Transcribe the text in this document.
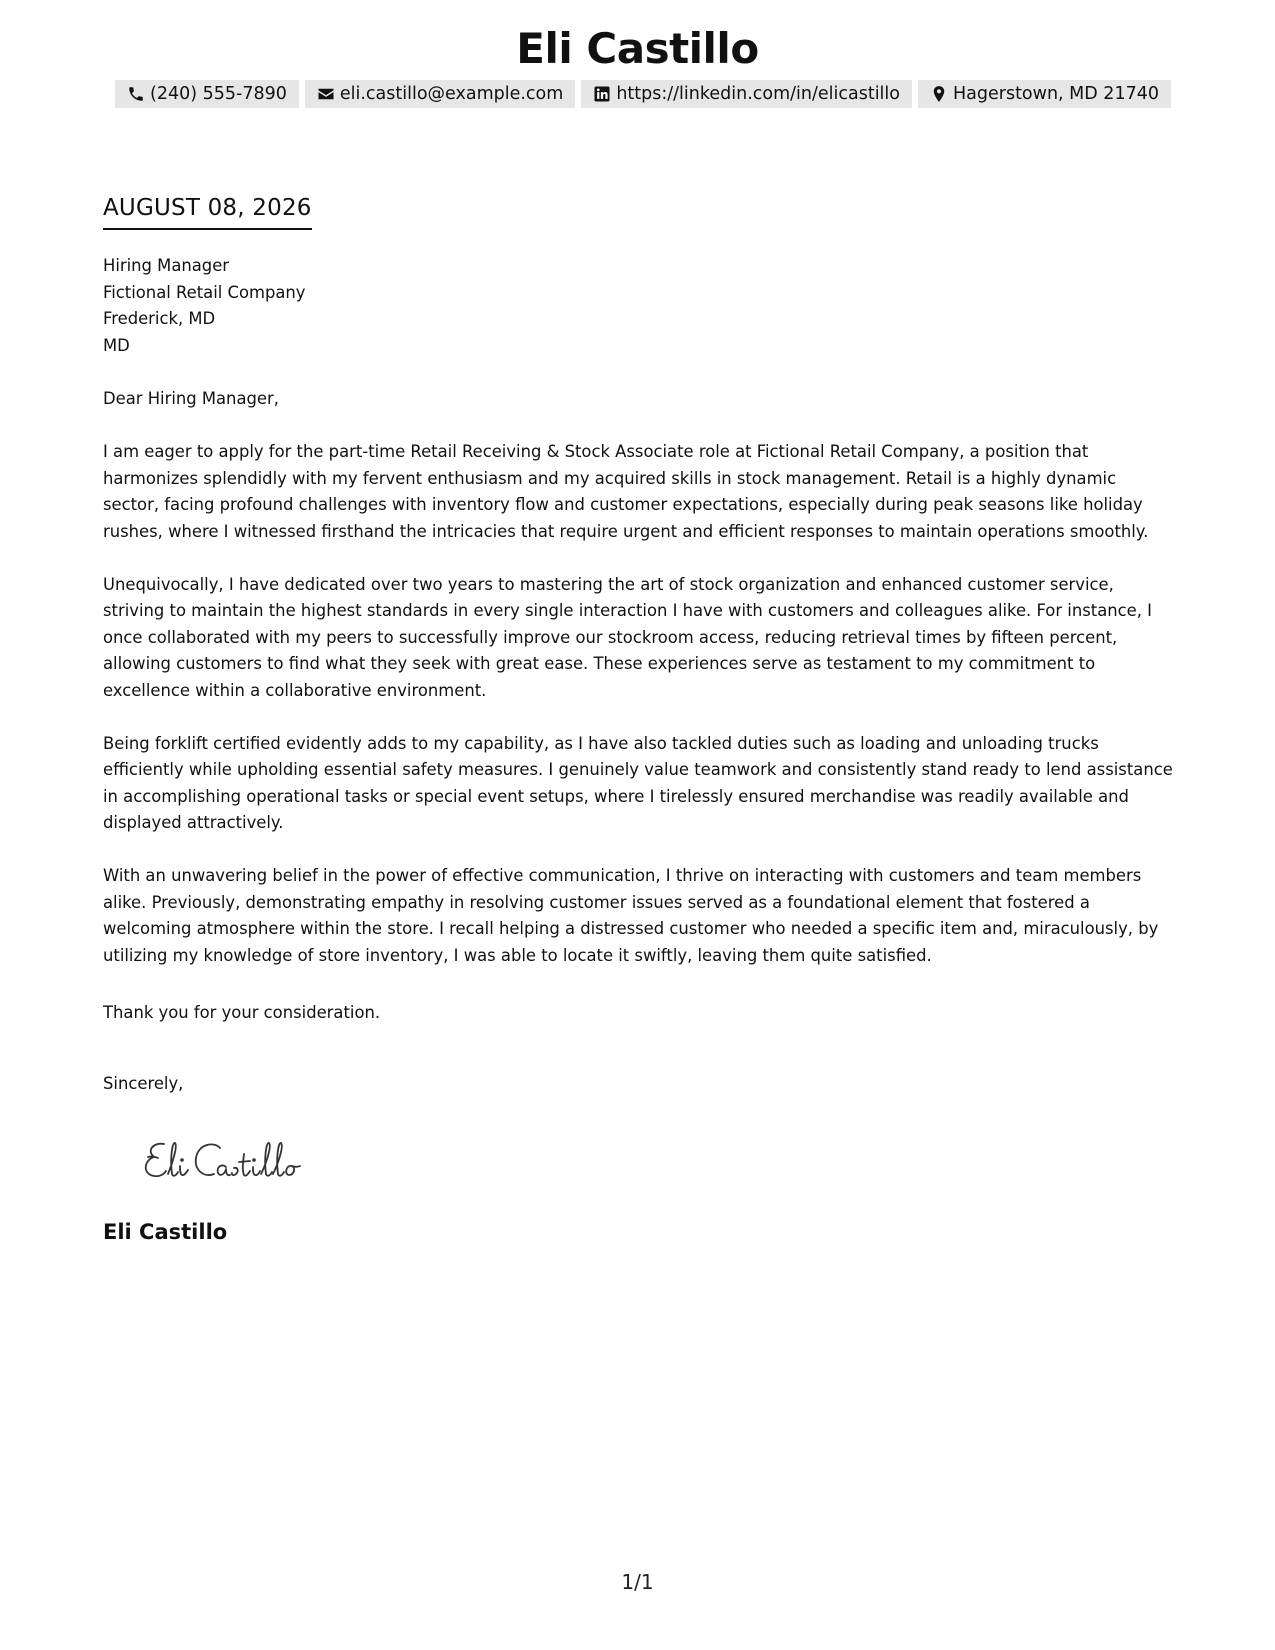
Eli Castillo
(240) 555-7890	eli.castillo@example.com	https://linkedin.com/in/elicastillo	Hagerstown, MD 21740
AUGUST 08, 2026
Hiring Manager
Fictional Retail Company
Frederick, MD
MD
Dear Hiring Manager,

I am eager to apply for the part-time Retail Receiving & Stock Associate role at Fictional Retail Company, a position that harmonizes splendidly with my fervent enthusiasm and my acquired skills in stock management. Retail is a highly dynamic sector, facing profound challenges with inventory flow and customer expectations, especially during peak seasons like holiday rushes, where I witnessed firsthand the intricacies that require urgent and efficient responses to maintain operations smoothly.

Unequivocally, I have dedicated over two years to mastering the art of stock organization and enhanced customer service, striving to maintain the highest standards in every single interaction I have with customers and colleagues alike. For instance, I once collaborated with my peers to successfully improve our stockroom access, reducing retrieval times by fifteen percent, allowing customers to find what they seek with great ease. These experiences serve as testament to my commitment to excellence within a collaborative environment.

Being forklift certified evidently adds to my capability, as I have also tackled duties such as loading and unloading trucks efficiently while upholding essential safety measures. I genuinely value teamwork and consistently stand ready to lend assistance in accomplishing operational tasks or special event setups, where I tirelessly ensured merchandise was readily available and displayed attractively.

With an unwavering belief in the power of effective communication, I thrive on interacting with customers and team members alike. Previously, demonstrating empathy in resolving customer issues served as a foundational element that fostered a welcoming atmosphere within the store. I recall helping a distressed customer who needed a specific item and, miraculously, by utilizing my knowledge of store inventory, I was able to locate it swiftly, leaving them quite satisfied.

Thank you for your consideration.
Sincerely,
Eli Castillo
1/1
